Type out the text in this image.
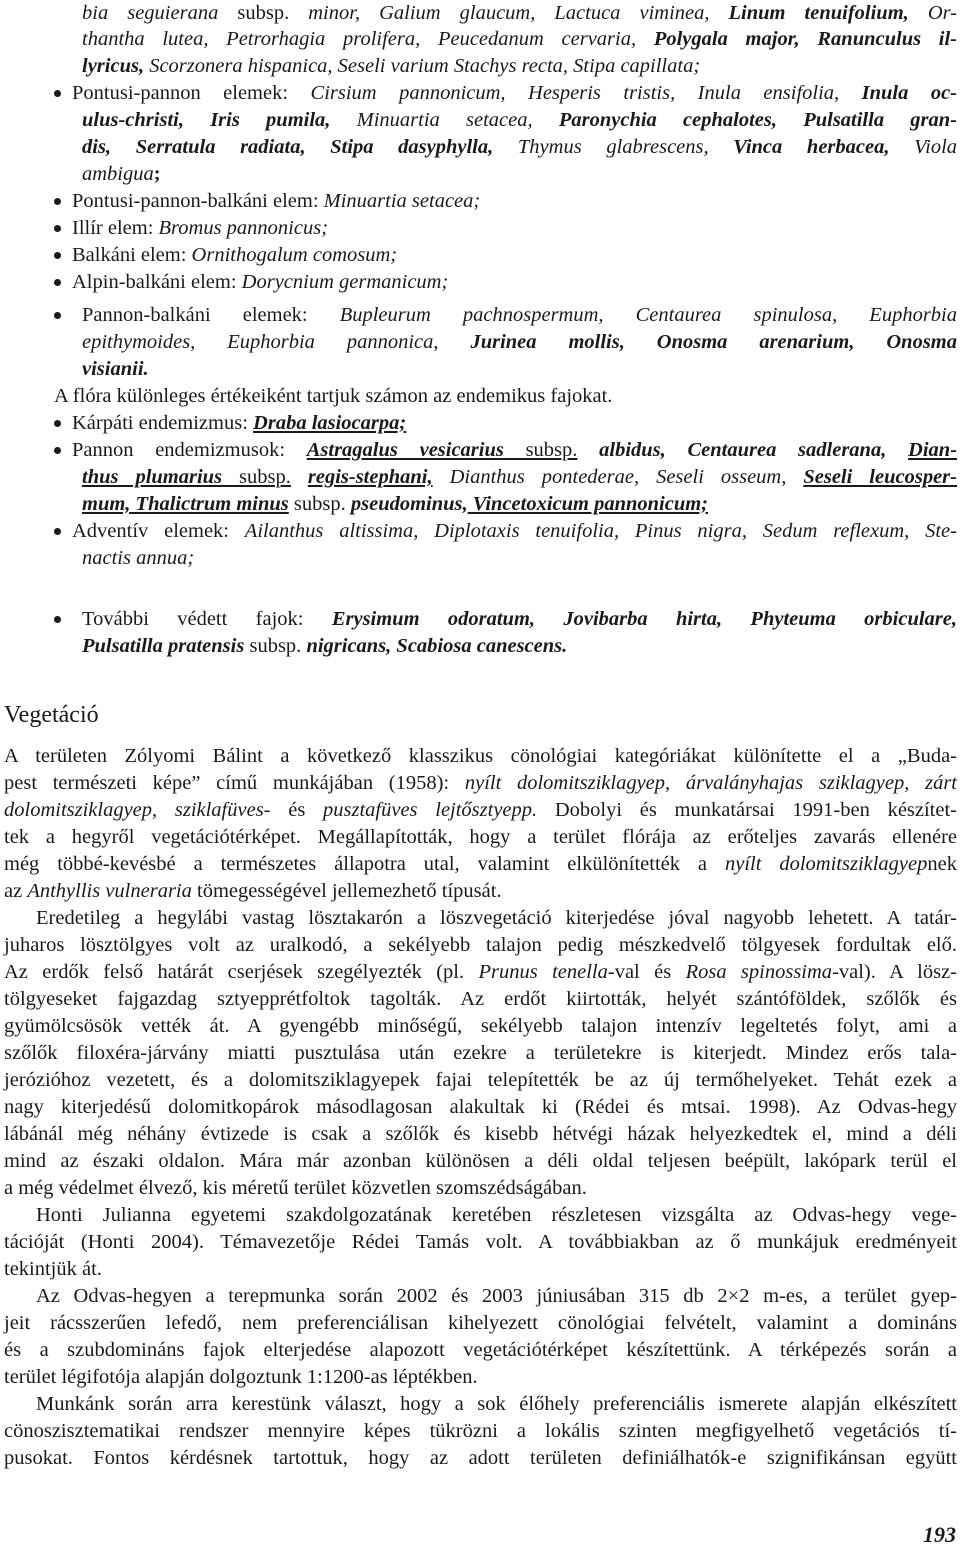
Vegetáció
193
bia seguierana subsp. minor, Galium glaucum, Lactuca viminea, Linum tenuifolium, Or-
thantha lutea, Petrorhagia prolifera, Peucedanum cervaria, Polygala major, Ranunculus il-
lyricus, Scorzonera hispanica, Seseli varium Stachys recta, Stipa capillata;
Pontusi-pannon elemek: Cirsium pannonicum, Hesperis tristis, Inula ensifolia, Inula oc-
ulus-christi, Iris pumila, Minuartia setacea, Paronychia cephalotes, Pulsatilla gran-
dis, Serratula radiata, Stipa dasyphylla, Thymus glabrescens, Vinca herbacea, Viola
ambigua;
Pontusi-pannon-balkáni elem: Minuartia setacea;
Illír elem: Bromus pannonicus;
Balkáni elem: Ornithogalum comosum;
Alpin-balkáni elem: Dorycnium germanicum;
Pannon-balkáni elemek: Bupleurum pachnospermum, Centaurea spinulosa, Euphorbia
epithymoides, Euphorbia pannonica, Jurinea mollis, Onosma arenarium, Onosma
visianii.
A flóra különleges értékeiként tartjuk számon az endemikus fajokat.
Kárpáti endemizmus: Draba lasiocarpa;
Pannon endemizmusok: Astragalus vesicarius subsp. albidus, Centaurea sadlerana, Dian-
thus plumarius subsp. regis-stephani, Dianthus pontederae, Seseli osseum, Seseli leucosper-
mum, Thalictrum minus subsp. pseudominus, Vincetoxicum pannonicum;
Adventív elemek: Ailanthus altissima, Diplotaxis tenuifolia, Pinus nigra, Sedum reflexum, Ste-
nactis annua;
További védett fajok: Erysimum odoratum, Jovibarba hirta, Phyteuma orbiculare,
Pulsatilla pratensis subsp. nigricans, Scabiosa canescens.
A területen Zólyomi Bálint a következő klasszikus cönológiai kategóriákat különítette el a „Buda-
pest természeti képe” című munkájában (1958): nyílt dolomitsziklagyep, árvalányhajas sziklagyep, zárt
dolomitsziklagyep, sziklafüves- és pusztafüves lejtősztyepp. Dobolyi és munkatársai 1991-ben készítet-
tek a hegyről vegetációtérképet. Megállapították, hogy a terület flórája az erőteljes zavarás ellenére
még többé-kevésbé a természetes állapotra utal, valamint elkülönítették a nyílt dolomitsziklagyepnek
az Anthyllis vulneraria tömegességével jellemezhető típusát.
Eredetileg a hegylábi vastag lösztakarón a löszvegetáció kiterjedése jóval nagyobb lehetett. A tatár-
juharos lösztölgyes volt az uralkodó, a sekélyebb talajon pedig mészkedvelő tölgyesek fordultak elő.
Az erdők felső határát cserjések szegélyezték (pl. Prunus tenella-val és Rosa spinossima-val). A lösz-
tölgyeseket fajgazdag sztyepprétfoltok tagolták. Az erdőt kiirtották, helyét szántóföldek, szőlők és
gyümölcsösök vették át. A gyengébb minőségű, sekélyebb talajon intenzív legeltetés folyt, ami a
szőlők filoxéra-járvány miatti pusztulása után ezekre a területekre is kiterjedt. Mindez erős tala-
jerózióhoz vezetett, és a dolomitsziklagyepek fajai telepítették be az új termőhelyeket. Tehát ezek a
nagy kiterjedésű dolomitkopárok másodlagosan alakultak ki (Rédei és mtsai. 1998). Az Odvas-hegy
lábánál még néhány évtizede is csak a szőlők és kisebb hétvégi házak helyezkedtek el, mind a déli
mind az északi oldalon. Mára már azonban különösen a déli oldal teljesen beépült, lakópark terül el
a még védelmet élvező, kis méretű terület közvetlen szomszédságában.
Honti Julianna egyetemi szakdolgozatának keretében részletesen vizsgálta az Odvas-hegy vege-
tációját (Honti 2004). Témavezetője Rédei Tamás volt. A továbbiakban az ő munkájuk eredményeit
tekintjük át.
Az Odvas-hegyen a terepmunka során 2002 és 2003 júniusában 315 db 2×2 m-es, a terület gyep-
jeit rácsszerűen lefedő, nem preferenciálisan kihelyezett cönológiai felvételt, valamint a domináns
és a szubdomináns fajok elterjedése alapozott vegetációtérképet készítettünk. A térképezés során a
terület légifotója alapján dolgoztunk 1:1200-as léptékben.
Munkánk során arra kerestünk választ, hogy a sok élőhely preferenciális ismerete alapján elkészített
cönoszisztematikai rendszer mennyire képes tükrözni a lokális szinten megfigyelhető vegetációs tí-
pusokat. Fontos kérdésnek tartottuk, hogy az adott területen definiálhatók-e szignifikánsan együtt
